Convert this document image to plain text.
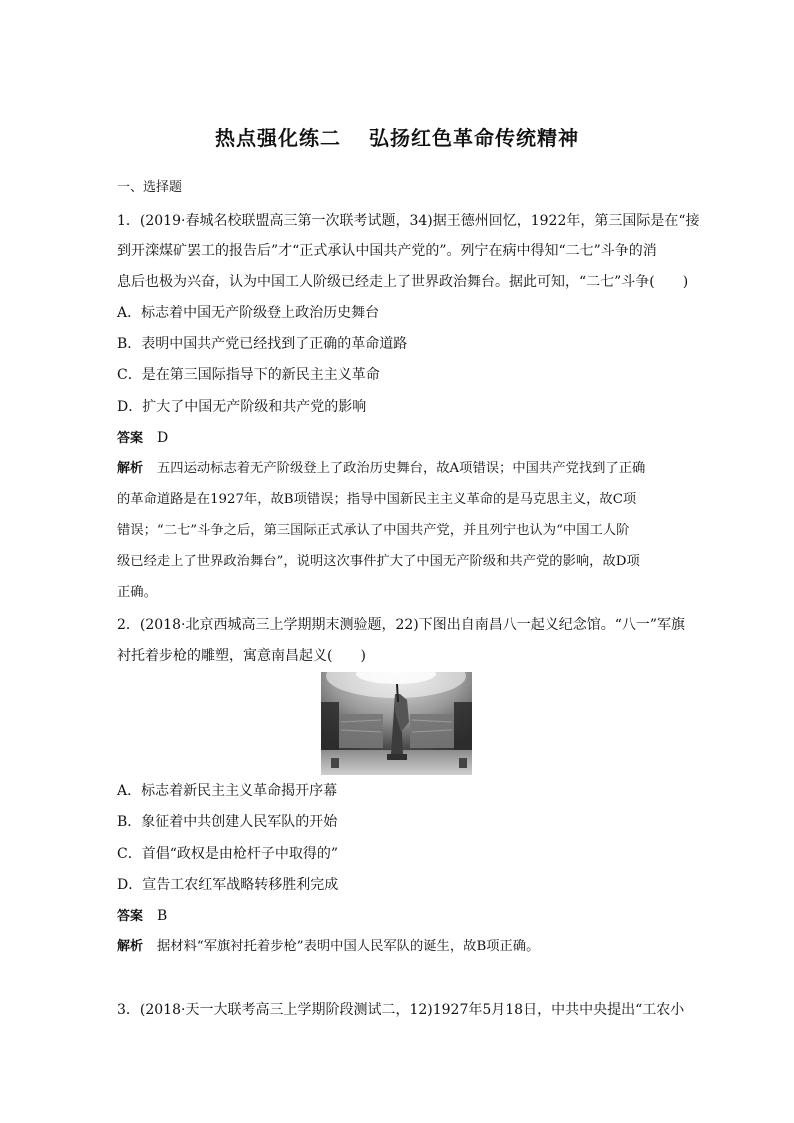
热点强化练二 弘扬红色革命传统精神
一、选择题
1．(2019·春城名校联盟高三第一次联考试题，34)据王德州回忆，1922年，第三国际是在“接
到开滦煤矿罢工的报告后”才“正式承认中国共产党的”。列宁在病中得知“二七”斗争的消
息后也极为兴奋，认为中国工人阶级已经走上了世界政治舞台。据此可知，“二七”斗争(　　)
A．标志着中国无产阶级登上政治历史舞台
B．表明中国共产党已经找到了正确的革命道路
C．是在第三国际指导下的新民主主义革命
D．扩大了中国无产阶级和共产党的影响
答案 D
解析 五四运动标志着无产阶级登上了政治历史舞台，故A项错误；中国共产党找到了正确
的革命道路是在1927年，故B项错误；指导中国新民主主义革命的是马克思主义，故C项
错误；“二七”斗争之后，第三国际正式承认了中国共产党，并且列宁也认为“中国工人阶
级已经走上了世界政治舞台”，说明这次事件扩大了中国无产阶级和共产党的影响，故D项
正确。
2．(2018·北京西城高三上学期期末测验题，22)下图出自南昌八一起义纪念馆。“八一”军旗
衬托着步枪的雕塑，寓意南昌起义(　　)
A．标志着新民主主义革命揭开序幕
B．象征着中共创建人民军队的开始
C．首倡“政权是由枪杆子中取得的”
D．宣告工农红军战略转移胜利完成
答案 B
解析 据材料“军旗衬托着步枪”表明中国人民军队的诞生，故B项正确。
3．(2018·天一大联考高三上学期阶段测试二，12)1927年5月18日，中共中央提出“工农小
